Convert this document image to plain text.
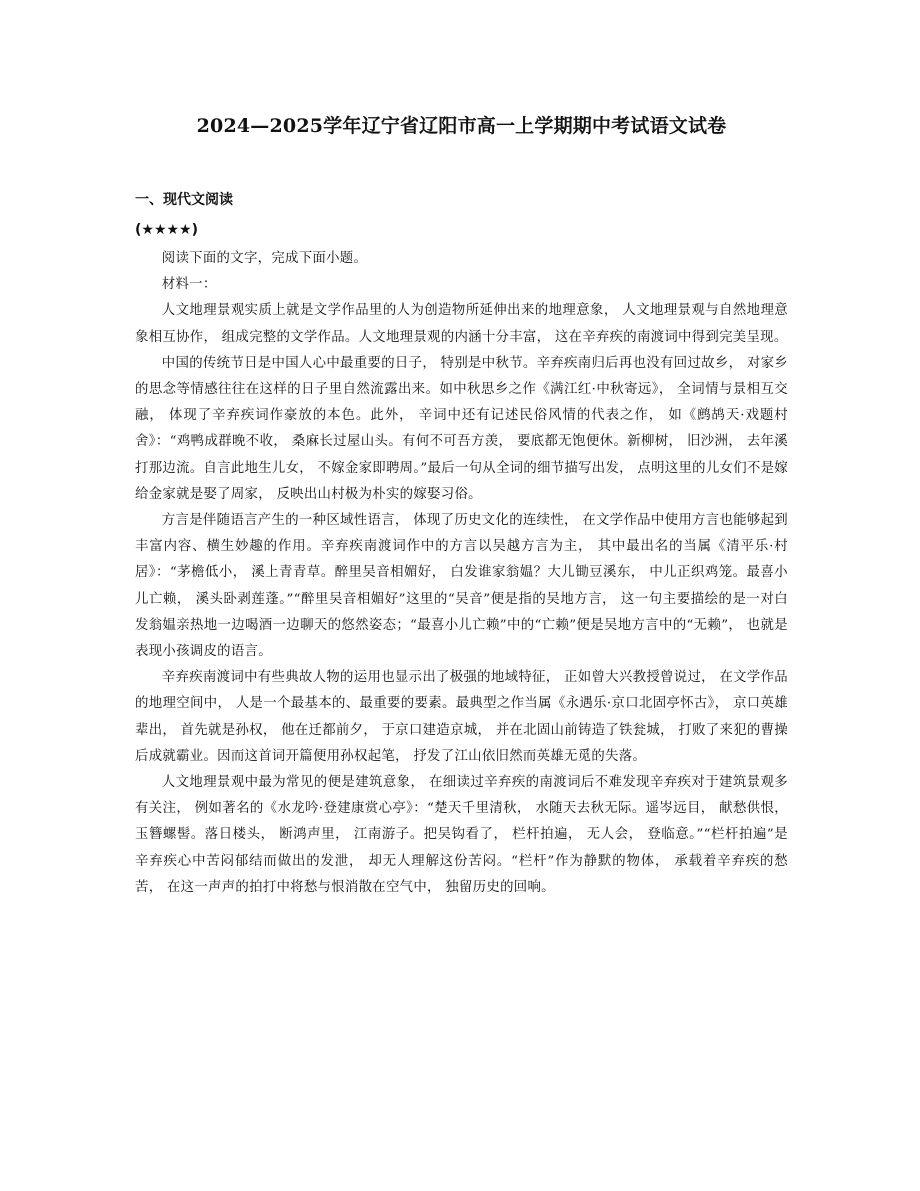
2024—2025学年辽宁省辽阳市高一上学期期中考试语文试卷
一、现代文阅读
(★★★★)

阅读下面的文字，完成下面小题。

材料一：

人文地理景观实质上就是文学作品里的人为创造物所延伸出来的地理意象， 人文地理景观与自然地理意象相互协作， 组成完整的文学作品。人文地理景观的内涵十分丰富， 这在辛弃疾的南渡词中得到完美呈现。

中国的传统节日是中国人心中最重要的日子， 特别是中秋节。辛弃疾南归后再也没有回过故乡， 对家乡的思念等情感往往在这样的日子里自然流露出来。如中秋思乡之作《满江红·中秋寄远》， 全词情与景相互交融， 体现了辛弃疾词作豪放的本色。此外， 辛词中还有记述民俗风情的代表之作， 如《鹧鸪天·戏题村舍》：“鸡鸭成群晚不收， 桑麻长过屋山头。有何不可吾方羡， 要底都无饱便休。新柳树， 旧沙洲， 去年溪打那边流。自言此地生儿女， 不嫁金家即聘周。”最后一句从全词的细节描写出发， 点明这里的儿女们不是嫁给金家就是娶了周家， 反映出山村极为朴实的嫁娶习俗。

方言是伴随语言产生的一种区域性语言， 体现了历史文化的连续性， 在文学作品中使用方言也能够起到丰富内容、横生妙趣的作用。辛弃疾南渡词作中的方言以吴越方言为主， 其中最出名的当属《清平乐·村居》：“茅檐低小， 溪上青青草。醉里吴音相媚好， 白发谁家翁媪？大儿锄豆溪东， 中儿正织鸡笼。最喜小儿亡赖， 溪头卧剥莲蓬。”“醉里吴音相媚好”这里的“吴音”便是指的吴地方言， 这一句主要描绘的是一对白发翁媪亲热地一边喝酒一边聊天的悠然姿态；“最喜小儿亡赖”中的“亡赖”便是吴地方言中的“无赖”， 也就是表现小孩调皮的语言。

辛弃疾南渡词中有些典故人物的运用也显示出了极强的地域特征， 正如曾大兴教授曾说过， 在文学作品的地理空间中， 人是一个最基本的、最重要的要素。最典型之作当属《永遇乐·京口北固亭怀古》， 京口英雄辈出， 首先就是孙权， 他在迁都前夕， 于京口建造京城， 并在北固山前铸造了铁瓮城， 打败了来犯的曹操后成就霸业。因而这首词开篇便用孙权起笔， 抒发了江山依旧然而英雄无觅的失落。

人文地理景观中最为常见的便是建筑意象， 在细读过辛弃疾的南渡词后不难发现辛弃疾对于建筑景观多有关注， 例如著名的《水龙吟·登建康赏心亭》：“楚天千里清秋， 水随天去秋无际。遥岑远目， 献愁供恨， 玉簪螺髻。落日楼头， 断鸿声里， 江南游子。把吴钩看了， 栏杆拍遍， 无人会， 登临意。”“栏杆拍遍”是辛弃疾心中苦闷郁结而做出的发泄， 却无人理解这份苦闷。“栏杆”作为静默的物体， 承载着辛弃疾的愁苦， 在这一声声的拍打中将愁与恨消散在空气中， 独留历史的回响。
